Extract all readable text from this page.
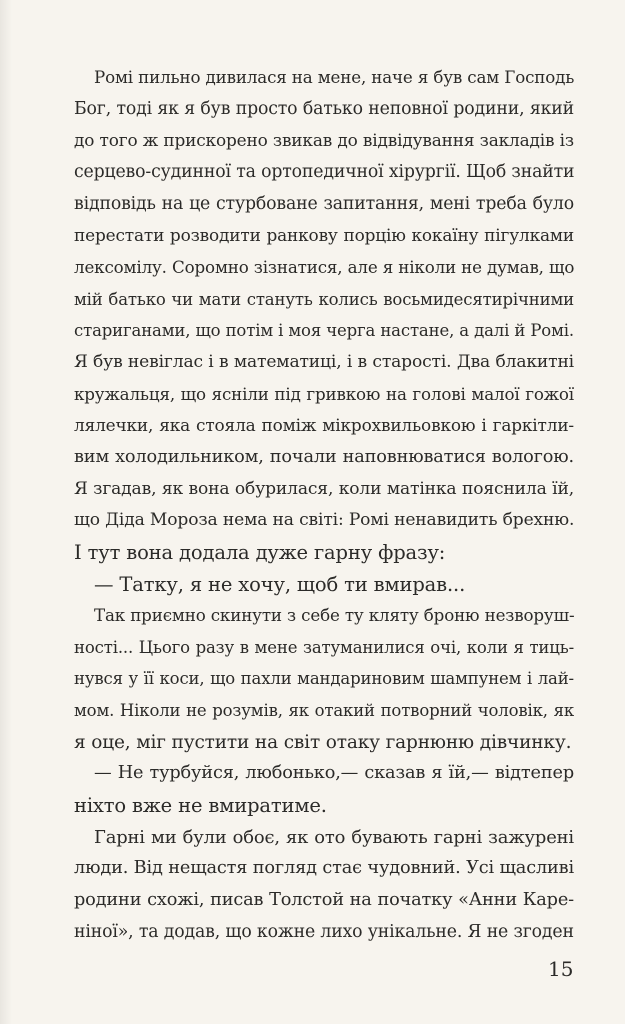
Ромі пильно дивилася на мене, наче я був сам Господь
Бог, тоді як я був просто батько неповної родини, який
до того ж прискорено звикав до відвідування закладів із
серцево-судинної та ортопедичної хірургії. Щоб знайти
відповідь на це стурбоване запитання, мені треба було
перестати розводити ранкову порцію кокаїну пігулками
лексомілу. Соромно зізнатися, але я ніколи не думав, що
мій батько чи мати стануть колись восьмидесятирічними
стариганами, що потім і моя черга настане, а далі й Ромі.
Я був невіглас і в математиці, і в старості. Два блакитні
кружальця, що ясніли під гривкою на голові малої гожої
лялечки, яка стояла поміж мікрохвильовкою і гаркітли-
вим холодильником, почали наповнюватися вологою.
Я згадав, як вона обурилася, коли матінка пояснила їй,
що Діда Мороза нема на світі: Ромі ненавидить брехню.
І тут вона додала дуже гарну фразу:
— Татку, я не хочу, щоб ти вмирав...
Так приємно скинути з себе ту кляту броню незворуш-
ності... Цього разу в мене затуманилися очі, коли я тиць-
нувся у її коси, що пахли мандариновим шампунем і лай-
мом. Ніколи не розумів, як отакий потворний чоловік, як
я оце, міг пустити на світ отаку гарнюню дівчинку.
— Не турбуйся, любонько,— сказав я їй,— відтепер
ніхто вже не вмиратиме.
Гарні ми були обоє, як ото бувають гарні зажурені
люди. Від нещастя погляд стає чудовний. Усі щасливі
родини схожі, писав Толстой на початку «Анни Каре-
ніної», та додав, що кожне лихо унікальне. Я не згоден
15
